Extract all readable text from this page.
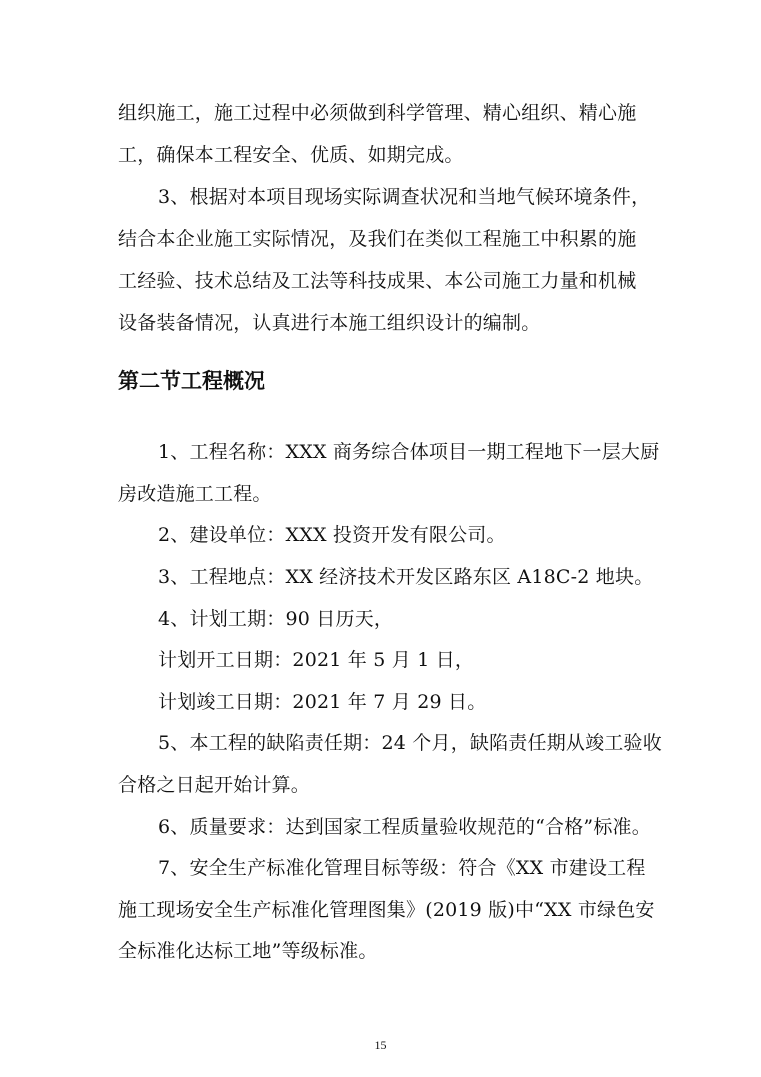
组织施工，施工过程中必须做到科学管理、精心组织、精心施
工，确保本工程安全、优质、如期完成。
3、根据对本项目现场实际调查状况和当地气候环境条件，
结合本企业施工实际情况，及我们在类似工程施工中积累的施
工经验、技术总结及工法等科技成果、本公司施工力量和机械
设备装备情况，认真进行本施工组织设计的编制。
第二节工程概况
1、工程名称：XXX 商务综合体项目一期工程地下一层大厨
房改造施工工程。
2、建设单位：XXX 投资开发有限公司。
3、工程地点：XX 经济技术开发区路东区 A18C-2 地块。
4、计划工期：90 日历天，
计划开工日期：2021 年 5 月 1 日，
计划竣工日期：2021 年 7 月 29 日。
5、本工程的缺陷责任期：24 个月，缺陷责任期从竣工验收
合格之日起开始计算。
6、质量要求：达到国家工程质量验收规范的“合格”标准。
7、安全生产标准化管理目标等级：符合《XX 市建设工程
施工现场安全生产标准化管理图集》(2019 版)中“XX 市绿色安
全标准化达标工地”等级标准。
15
